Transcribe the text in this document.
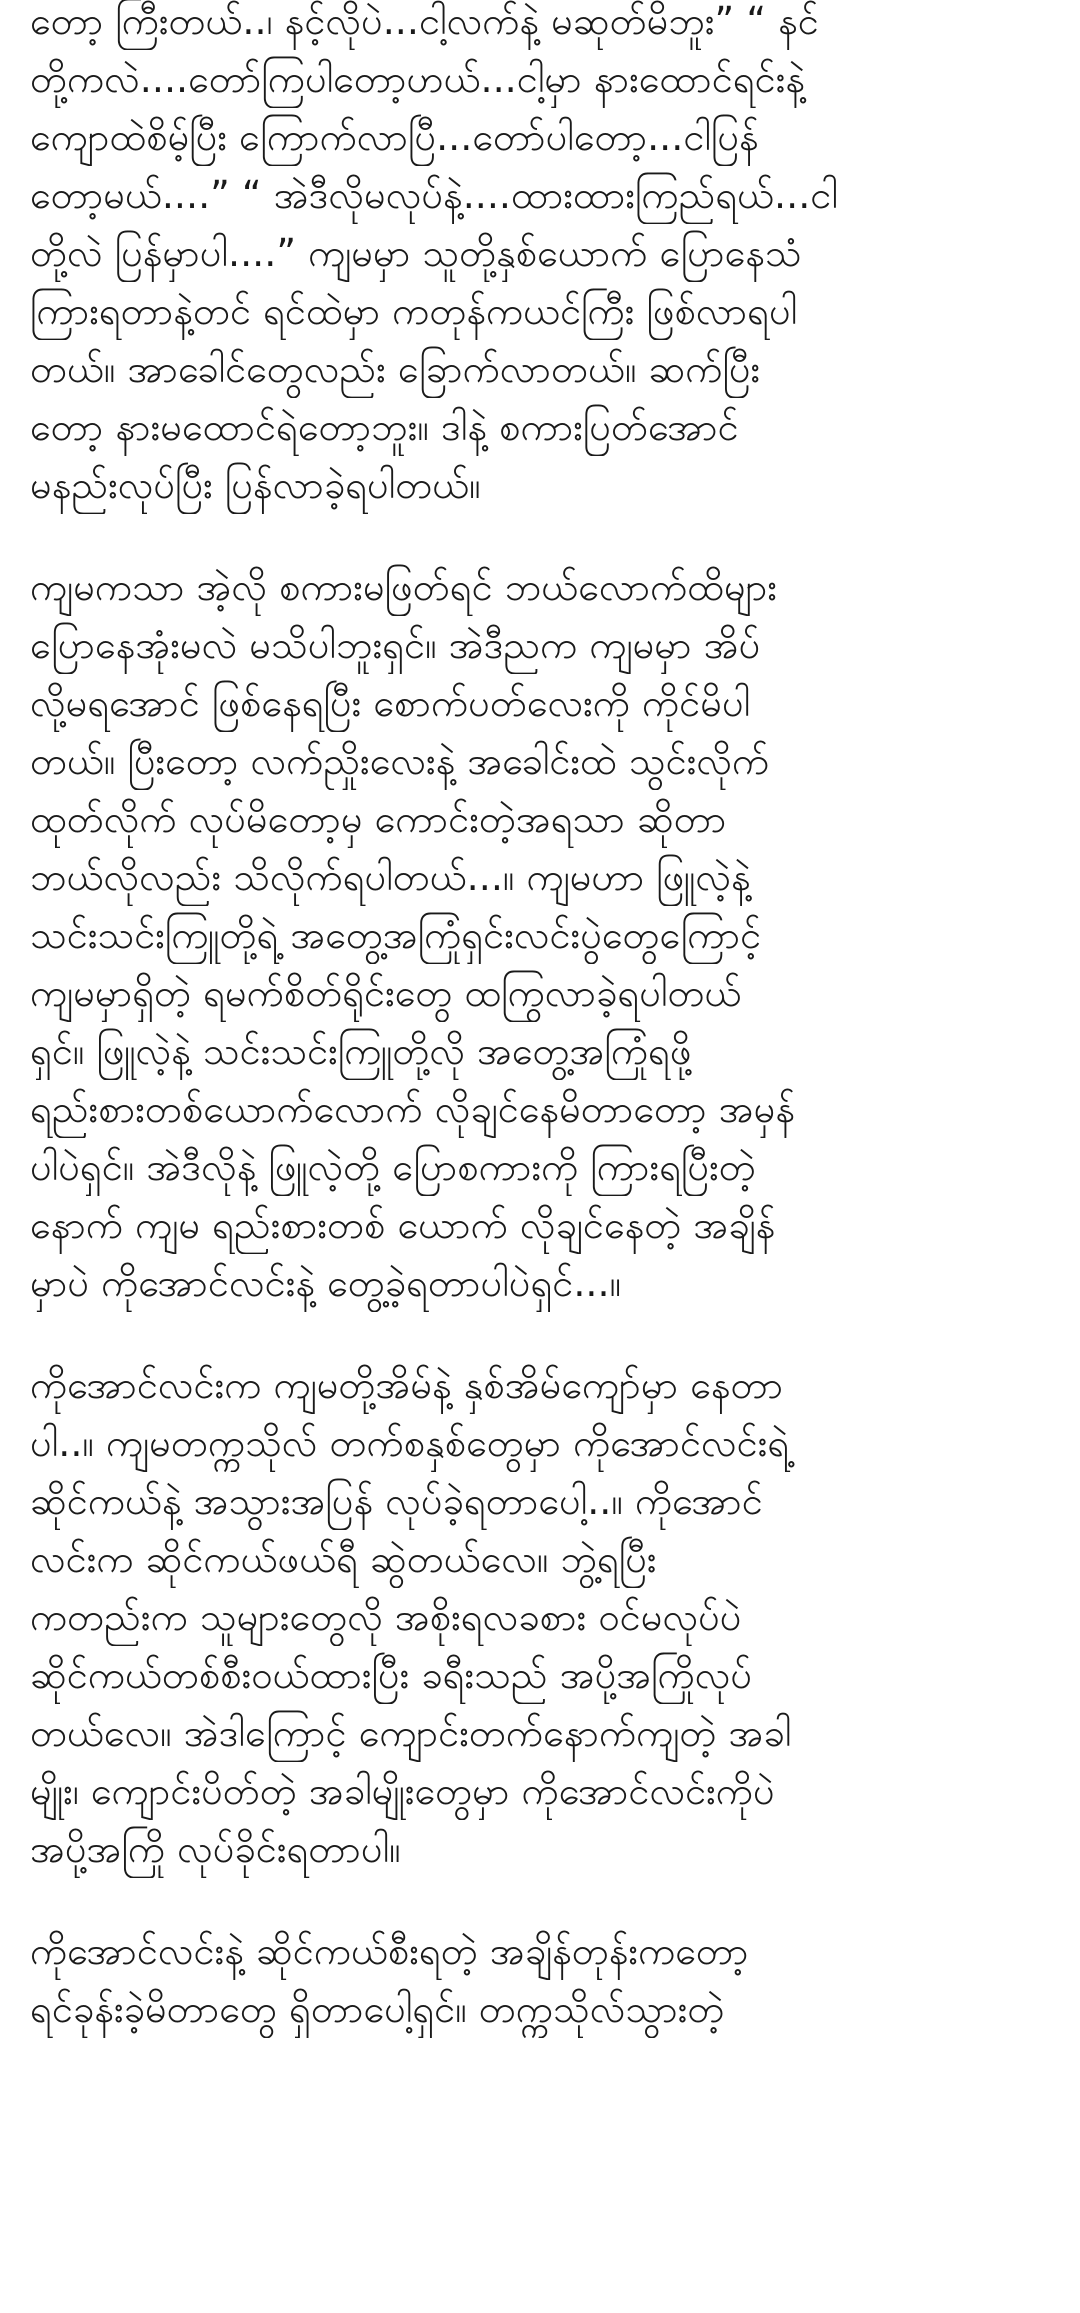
တော့ ကြီးတယ်..၊ နင့်လိုပဲ...ငါ့လက်နဲ့ မဆုတ်မိဘူး” “ နင်
တို့ကလဲ....တော်ကြပါတော့ဟယ်...ငါ့မှာ နားထောင်ရင်းနဲ့
ကျောထဲစိမ့်ပြီး ကြောက်လာပြီ...တော်ပါတော့...ငါပြန်
တော့မယ်....” “ အဲဒီလိုမလုပ်နဲ့....ထားထားကြည်ရယ်...ငါ
တို့လဲ ပြန်မှာပါ....” ကျမမှာ သူတို့နှစ်ယောက် ပြောနေသံ
ကြားရတာနဲ့တင် ရင်ထဲမှာ ကတုန်ကယင်ကြီး ဖြစ်လာရပါ
တယ်။ အာခေါင်တွေလည်း ခြောက်လာတယ်။ ဆက်ပြီး
တော့ နားမထောင်ရဲတော့ဘူး။ ဒါနဲ့ စကားပြတ်အောင်
မနည်းလုပ်ပြီး ပြန်လာခဲ့ရပါတယ်။
ကျမကသာ အဲ့လို စကားမဖြတ်ရင် ဘယ်လောက်ထိများ
ပြောနေအုံးမလဲ မသိပါဘူးရှင်။ အဲဒီညက ကျမမှာ အိပ်
လို့မရအောင် ဖြစ်နေရပြီး စောက်ပတ်လေးကို ကိုင်မိပါ
တယ်။ ပြီးတော့ လက်ညှိုးလေးနဲ့ အခေါင်းထဲ သွင်းလိုက်
ထုတ်လိုက် လုပ်မိတော့မှ ကောင်းတဲ့အရသာ ဆိုတာ
ဘယ်လိုလည်း သိလိုက်ရပါတယ်...။ ကျမဟာ ဖြူလဲ့နဲ့
သင်းသင်းကြူတို့ရဲ့ အတွေ့အကြုံရှင်းလင်းပွဲတွေကြောင့်
ကျမမှာရှိတဲ့ ရမက်စိတ်ရိုင်းတွေ ထကြွလာခဲ့ရပါတယ်
ရှင်။ ဖြူလဲ့နဲ့ သင်းသင်းကြူတို့လို အတွေ့အကြုံရဖို့
ရည်းစားတစ်ယောက်လောက် လိုချင်နေမိတာတော့ အမှန်
ပါပဲရှင်။ အဲဒီလိုနဲ့ ဖြူလဲ့တို့ ပြောစကားကို ကြားရပြီးတဲ့
နောက် ကျမ ရည်းစားတစ် ယောက် လိုချင်နေတဲ့ အချိန်
မှာပဲ ကိုအောင်လင်းနဲ့ တွေ့ခဲ့ရတာပါပဲရှင်...။
ကိုအောင်လင်းက ကျမတို့အိမ်နဲ့ နှစ်အိမ်ကျော်မှာ နေတာ
ပါ..။ ကျမတက္ကသိုလ် တက်စနှစ်တွေမှာ ကိုအောင်လင်းရဲ့
ဆိုင်ကယ်နဲ့ အသွားအပြန် လုပ်ခဲ့ရတာပေါ့..။ ကိုအောင်
လင်းက ဆိုင်ကယ်ဖယ်ရီ ဆွဲတယ်လေ။ ဘွဲ့ရပြီး
ကတည်းက သူများတွေလို အစိုးရလခစား ဝင်မလုပ်ပဲ
ဆိုင်ကယ်တစ်စီးဝယ်ထားပြီး ခရီးသည် အပို့အကြိုလုပ်
တယ်လေ။ အဲဒါကြောင့် ကျောင်းတက်နောက်ကျတဲ့ အခါ
မျိုး၊ ကျောင်းပိတ်တဲ့ အခါမျိုးတွေမှာ ကိုအောင်လင်းကိုပဲ
အပို့အကြို လုပ်ခိုင်းရတာပါ။
ကိုအောင်လင်းနဲ့ ဆိုင်ကယ်စီးရတဲ့ အချိန်တုန်းကတော့
ရင်ခုန်းခဲ့မိတာတွေ ရှိတာပေါ့ရှင်။ တက္ကသိုလ်သွားတဲ့
